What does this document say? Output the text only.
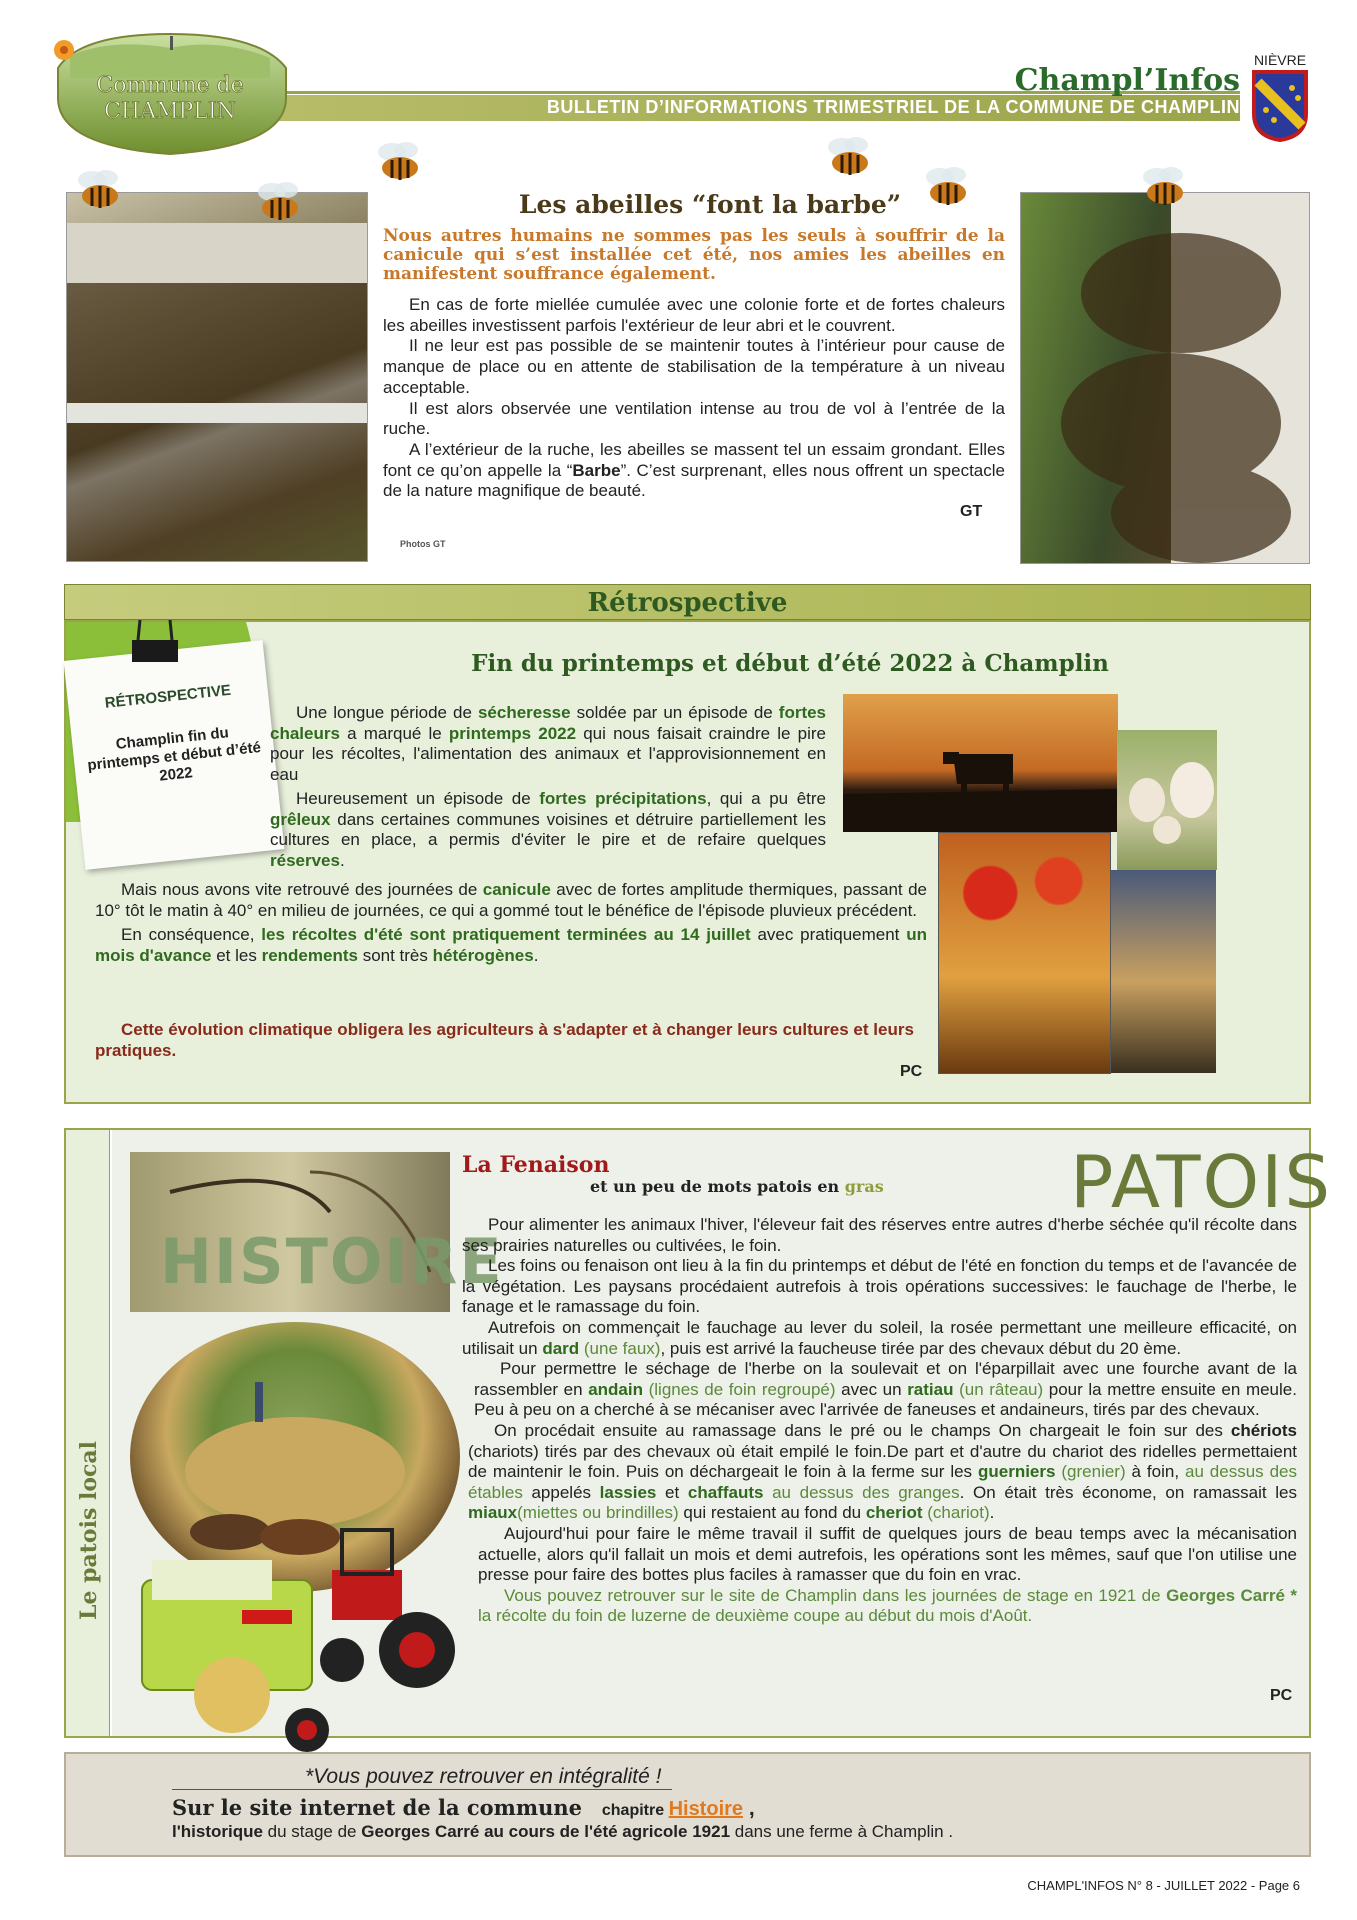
BULLETIN D’INFORMATIONS TRIMESTRIEL DE LA COMMUNE DE CHAMPLIN
Commune de
CHAMPLIN
Champl’Infos
NIÈVRE
Les abeilles “font la barbe”

Nous autres humains ne sommes pas les seuls à souffrir de la canicule qui s’est installée cet été, nos amies les abeilles en manifestent souffrance également.

En cas de forte miellée cumulée avec une colonie forte et de fortes chaleurs les abeilles investissent parfois l'extérieur de leur abri et le couvrent.

Il ne leur est pas possible de se maintenir toutes à l’intérieur pour cause de manque de place ou en attente de stabilisation de la température à un niveau acceptable.

Il est alors observée une ventilation intense au trou de vol à l’entrée de la ruche.

A l’extérieur de la ruche, les abeilles se massent tel un essaim grondant. Elles font ce qu’on appelle la “Barbe”. C’est surprenant, elles nous offrent un spectacle de la nature magnifique de beauté.

GT
Photos GT
Rétrospective
Fin du printemps et début d’été 2022 à Champlin
RÉTROSPECTIVE
Champlin fin du printemps et début d’été 2022

Une longue période de sécheresse soldée par un épisode de fortes chaleurs a marqué le printemps 2022 qui nous faisait craindre le pire pour les récoltes, l'alimentation des animaux et l'approvisionnement en eau

Heureusement un épisode de fortes précipitations, qui a pu être grêleux dans certaines communes voisines et détruire partiellement les cultures en place, a permis d'éviter le pire et de refaire quelques réserves.

Mais nous avons vite retrouvé des journées de canicule avec de fortes amplitude thermiques, passant de 10° tôt le matin à 40° en milieu de journées, ce qui a gommé tout le bénéfice de l'épisode pluvieux précédent.

En conséquence, les récoltes d'été sont pratiquement terminées au 14 juillet avec pratiquement un mois d'avance et les rendements sont très hétérogènes.

Cette évolution climatique obligera les agriculteurs à s'adapter et à changer leurs cultures et leurs pratiques.

PC
Le patois local
HISTOIRE
PATOIS
La Fenaison
et un peu de mots patois en gras

Pour alimenter les animaux l'hiver, l'éleveur fait des réserves entre autres d'herbe séchée qu'il récolte dans ses prairies naturelles ou cultivées, le foin.

Les foins ou fenaison ont lieu à la fin du printemps et début de l'été en fonction du temps et de l'avancée de la végétation. Les paysans procédaient autrefois à trois opérations successives: le fauchage de l'herbe, le fanage et le ramassage du foin.

Autrefois on commençait le fauchage au lever du soleil, la rosée permettant une meilleure efficacité, on utilisait un dard (une faux), puis est arrivé la faucheuse tirée par des chevaux début du 20 ème.

Pour permettre le séchage de l'herbe on la soulevait et on l'éparpillait avec une fourche avant de la rassembler en andain (lignes de foin regroupé) avec un ratiau (un râteau) pour la mettre ensuite en meule. Peu à peu on a cherché à se mécaniser avec l'arrivée de faneuses et andaineurs, tirés par des chevaux.

On procédait ensuite au ramassage dans le pré ou le champs On chargeait le foin sur des chériots (chariots) tirés par des chevaux où était empilé le foin.De part et d'autre du chariot des ridelles permettaient de maintenir le foin. Puis on déchargeait le foin à la ferme sur les guerniers (grenier) à foin, au dessus des étables appelés lassies et chaffauts au dessus des granges. On était très économe, on ramassait les miaux(miettes ou brindilles) qui restaient au fond du cheriot (chariot).

Aujourd'hui pour faire le même travail il suffit de quelques jours de beau temps avec la mécanisation actuelle, alors qu'il fallait un mois et demi autrefois, les opérations sont les mêmes, sauf que l'on utilise une presse pour faire des bottes plus faciles à ramasser que du foin en vrac.

Vous pouvez retrouver sur le site de Champlin dans les journées de stage en 1921 de Georges Carré * la récolte du foin de luzerne de deuxième coupe au début du mois d'Août.

PC
*Vous pouvez retrouver en intégralité !
Sur le site internet de la commune chapitre Histoire ,
l'historique du stage de Georges Carré au cours de l'été agricole 1921 dans une ferme à Champlin .
CHAMPL'INFOS N° 8 - JUILLET 2022 - Page 6
